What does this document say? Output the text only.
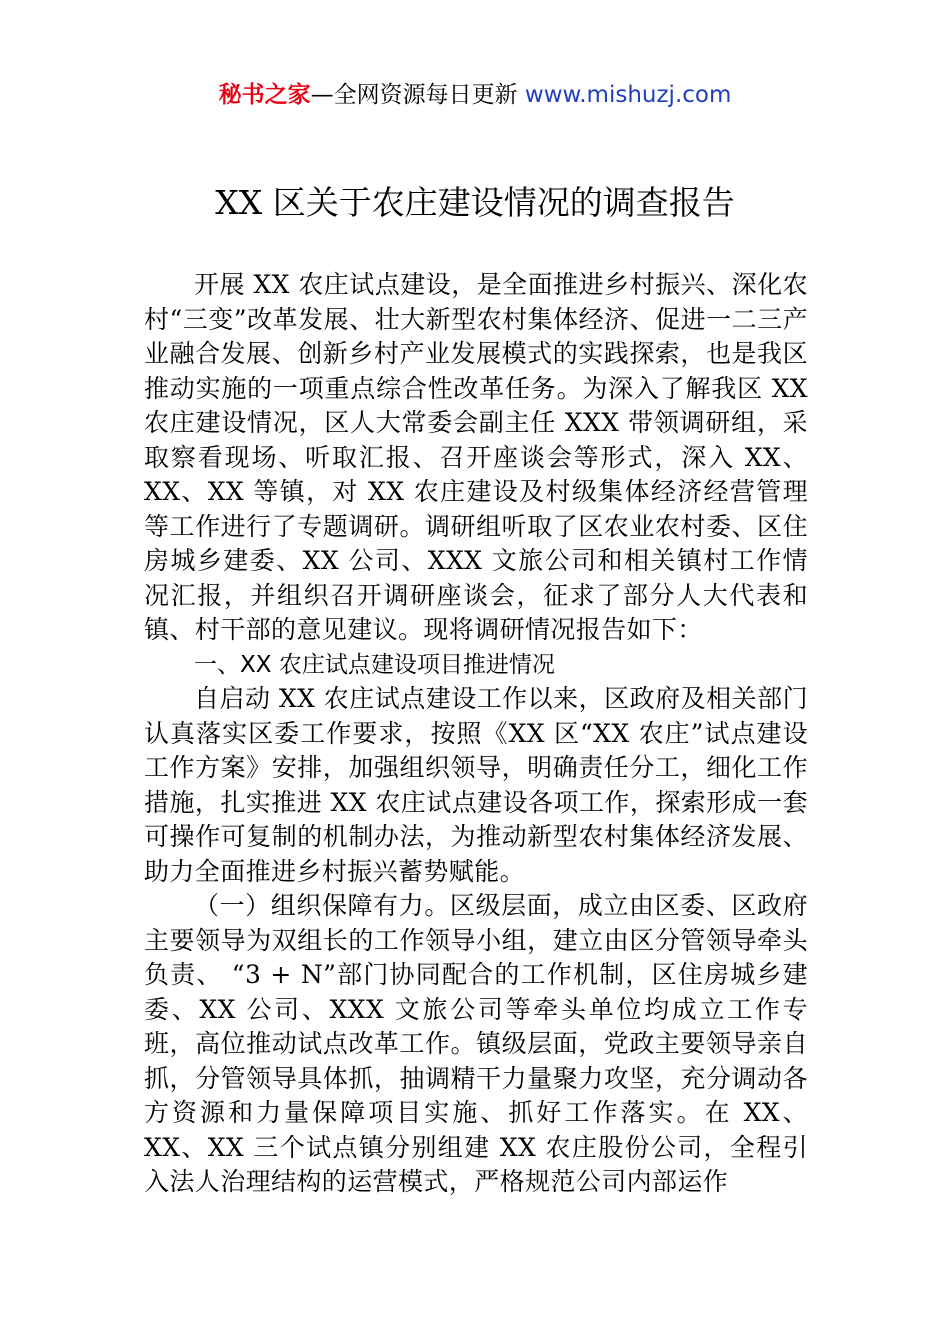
秘书之家—全网资源每日更新 www.mishuzj.com
XX 区关于农庄建设情况的调查报告

开展 XX 农庄试点建设，是全面推进乡村振兴、深化农村“三变”改革发展、壮大新型农村集体经济、促进一二三产业融合发展、创新乡村产业发展模式的实践探索，也是我区推动实施的一项重点综合性改革任务。为深入了解我区 XX 农庄建设情况，区人大常委会副主任 XXX 带领调研组，采取察看现场、听取汇报、召开座谈会等形式，深入 XX、XX、XX 等镇，对 XX 农庄建设及村级集体经济经营管理等工作进行了专题调研。调研组听取了区农业农村委、区住房城乡建委、XX 公司、XXX 文旅公司和相关镇村工作情况汇报，并组织召开调研座谈会，征求了部分人大代表和镇、村干部的意见建议。现将调研情况报告如下：

一、XX 农庄试点建设项目推进情况

自启动 XX 农庄试点建设工作以来，区政府及相关部门认真落实区委工作要求，按照《XX 区“XX 农庄”试点建设工作方案》安排，加强组织领导，明确责任分工，细化工作措施，扎实推进 XX 农庄试点建设各项工作，探索形成一套可操作可复制的机制办法，为推动新型农村集体经济发展、助力全面推进乡村振兴蓄势赋能。

（一）组织保障有力。区级层面，成立由区委、区政府主要领导为双组长的工作领导小组，建立由区分管领导牵头负责、 “3 + N”部门协同配合的工作机制，区住房城乡建委、XX 公司、XXX 文旅公司等牵头单位均成立工作专班，高位推动试点改革工作。镇级层面，党政主要领导亲自抓，分管领导具体抓，抽调精干力量聚力攻坚，充分调动各方资源和力量保障项目实施、抓好工作落实。在 XX、XX、XX 三个试点镇分别组建 XX 农庄股份公司，全程引入法人治理结构的运营模式，严格规范公司内部运作
